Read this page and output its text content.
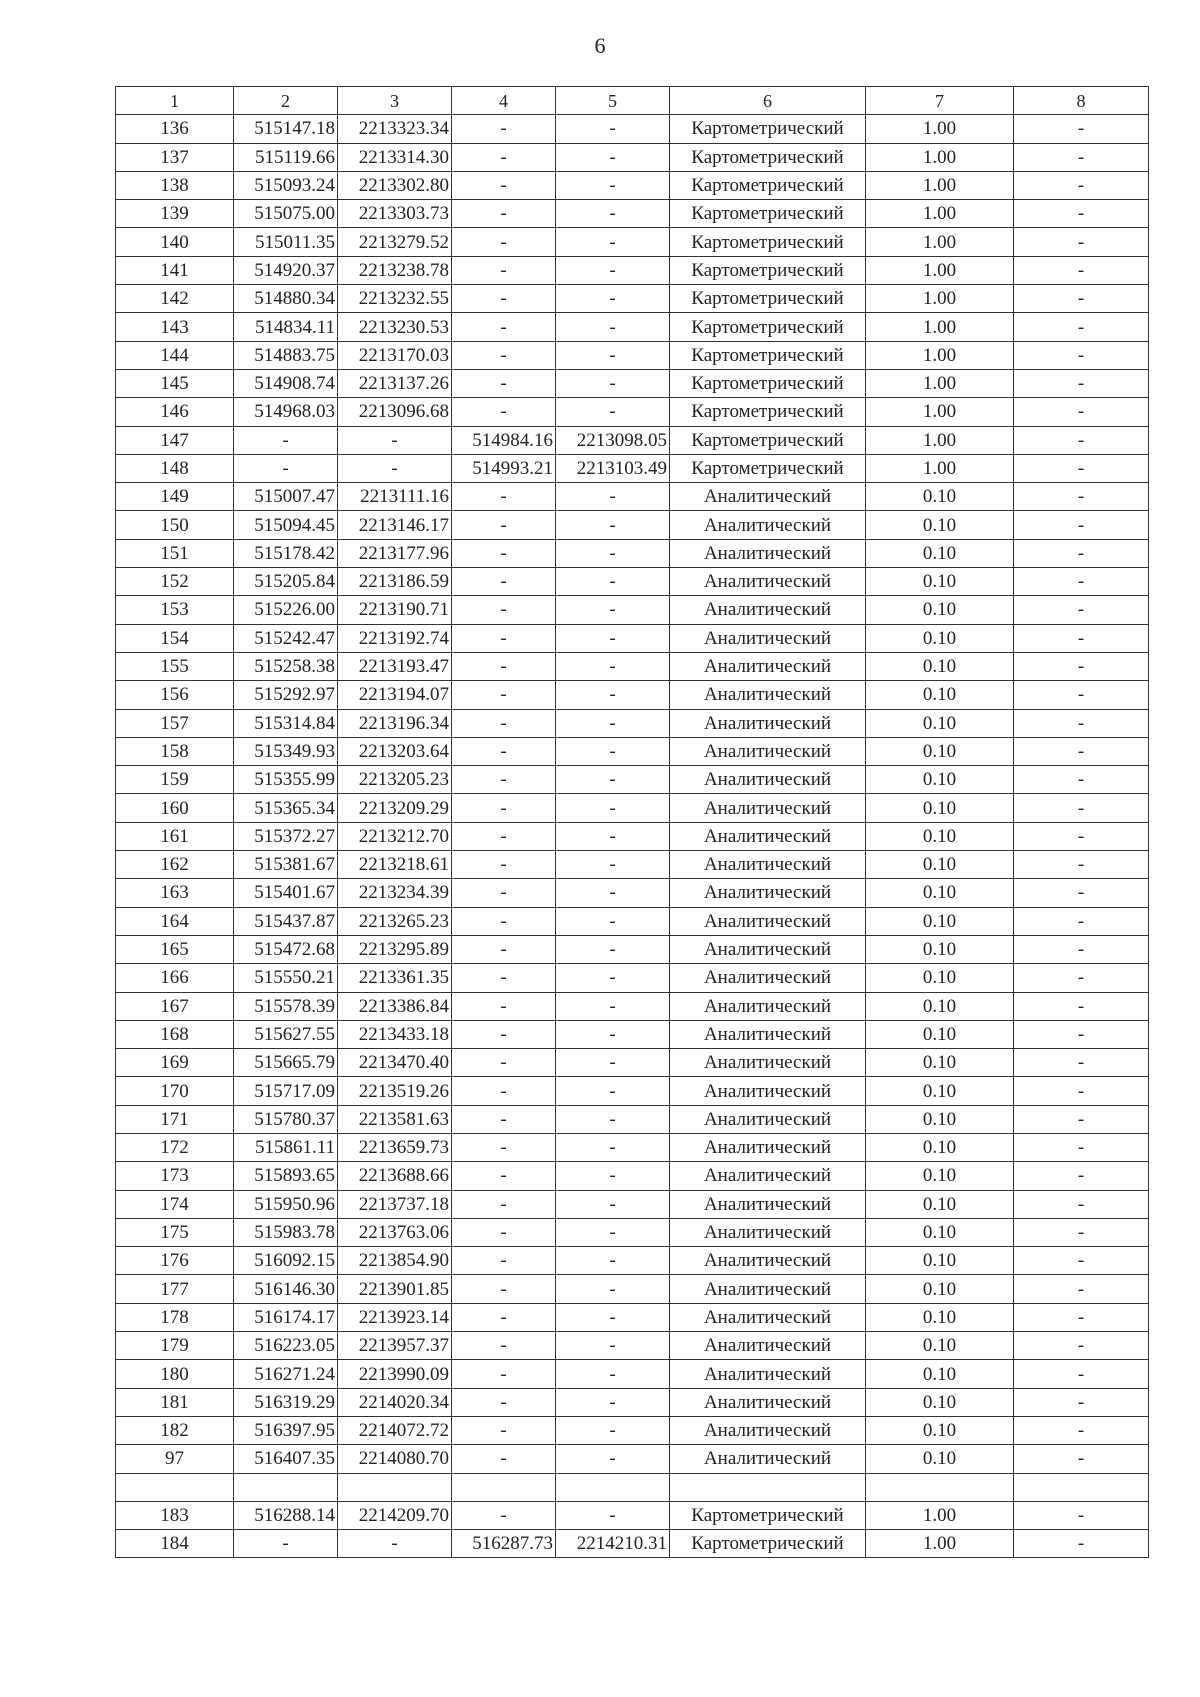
6
1	2	3	4	5	6	7	8
136	515147.18	2213323.34	-	-	Картометрический	1.00	-
137	515119.66	2213314.30	-	-	Картометрический	1.00	-
138	515093.24	2213302.80	-	-	Картометрический	1.00	-
139	515075.00	2213303.73	-	-	Картометрический	1.00	-
140	515011.35	2213279.52	-	-	Картометрический	1.00	-
141	514920.37	2213238.78	-	-	Картометрический	1.00	-
142	514880.34	2213232.55	-	-	Картометрический	1.00	-
143	514834.11	2213230.53	-	-	Картометрический	1.00	-
144	514883.75	2213170.03	-	-	Картометрический	1.00	-
145	514908.74	2213137.26	-	-	Картометрический	1.00	-
146	514968.03	2213096.68	-	-	Картометрический	1.00	-
147	-	-	514984.16	2213098.05	Картометрический	1.00	-
148	-	-	514993.21	2213103.49	Картометрический	1.00	-
149	515007.47	2213111.16	-	-	Аналитический	0.10	-
150	515094.45	2213146.17	-	-	Аналитический	0.10	-
151	515178.42	2213177.96	-	-	Аналитический	0.10	-
152	515205.84	2213186.59	-	-	Аналитический	0.10	-
153	515226.00	2213190.71	-	-	Аналитический	0.10	-
154	515242.47	2213192.74	-	-	Аналитический	0.10	-
155	515258.38	2213193.47	-	-	Аналитический	0.10	-
156	515292.97	2213194.07	-	-	Аналитический	0.10	-
157	515314.84	2213196.34	-	-	Аналитический	0.10	-
158	515349.93	2213203.64	-	-	Аналитический	0.10	-
159	515355.99	2213205.23	-	-	Аналитический	0.10	-
160	515365.34	2213209.29	-	-	Аналитический	0.10	-
161	515372.27	2213212.70	-	-	Аналитический	0.10	-
162	515381.67	2213218.61	-	-	Аналитический	0.10	-
163	515401.67	2213234.39	-	-	Аналитический	0.10	-
164	515437.87	2213265.23	-	-	Аналитический	0.10	-
165	515472.68	2213295.89	-	-	Аналитический	0.10	-
166	515550.21	2213361.35	-	-	Аналитический	0.10	-
167	515578.39	2213386.84	-	-	Аналитический	0.10	-
168	515627.55	2213433.18	-	-	Аналитический	0.10	-
169	515665.79	2213470.40	-	-	Аналитический	0.10	-
170	515717.09	2213519.26	-	-	Аналитический	0.10	-
171	515780.37	2213581.63	-	-	Аналитический	0.10	-
172	515861.11	2213659.73	-	-	Аналитический	0.10	-
173	515893.65	2213688.66	-	-	Аналитический	0.10	-
174	515950.96	2213737.18	-	-	Аналитический	0.10	-
175	515983.78	2213763.06	-	-	Аналитический	0.10	-
176	516092.15	2213854.90	-	-	Аналитический	0.10	-
177	516146.30	2213901.85	-	-	Аналитический	0.10	-
178	516174.17	2213923.14	-	-	Аналитический	0.10	-
179	516223.05	2213957.37	-	-	Аналитический	0.10	-
180	516271.24	2213990.09	-	-	Аналитический	0.10	-
181	516319.29	2214020.34	-	-	Аналитический	0.10	-
182	516397.95	2214072.72	-	-	Аналитический	0.10	-
97	516407.35	2214080.70	-	-	Аналитический	0.10	-

183	516288.14	2214209.70	-	-	Картометрический	1.00	-
184	-	-	516287.73	2214210.31	Картометрический	1.00	-
